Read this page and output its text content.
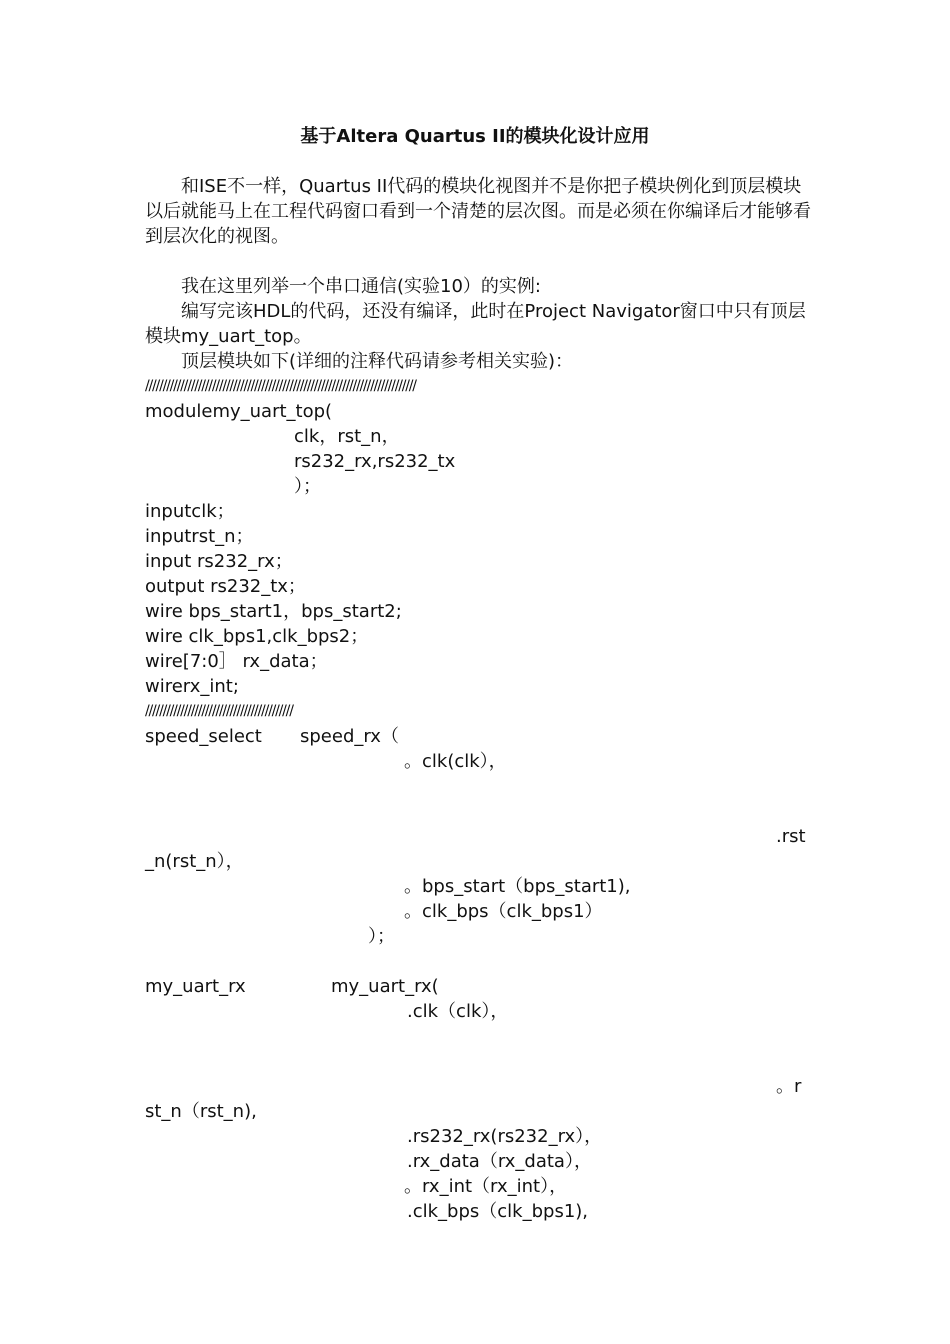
基于Altera Quartus II的模块化设计应用
和ISE不一样，Quartus II代码的模块化视图并不是你把子模块例化到顶层模块以后就能马上在工程代码窗口看到一个清楚的层次图。而是必须在你编译后才能够看到层次化的视图。
我在这里列举一个串口通信(实验10）的实例:
编写完该HDL的代码，还没有编译，此时在Project Navigator窗口中只有顶层模块my_uart_top。
顶层模块如下(详细的注释代码请参考相关实验)：
/////////////////////////////////////////////////////////////////////////////
modulemy_uart_top(
clk，rst_n，
rs232_rx,rs232_tx
）；
inputclk；
inputrst_n；
input rs232_rx；
output rs232_tx；
wire bps_start1，bps_start2;
wire clk_bps1,clk_bps2；
wire[7:0］ rx_data；
wirerx_int;
//////////////////////////////////////////
speed_select speed_rx（
。clk(clk），
.rst
_n(rst_n），
。bps_start（bps_start1),
。clk_bps（clk_bps1）
）；
my_uart_rx	my_uart_rx(
.clk（clk），
。r
st_n（rst_n),
.rs232_rx(rs232_rx），
.rx_data（rx_data），
。rx_int（rx_int），
.clk_bps（clk_bps1),
